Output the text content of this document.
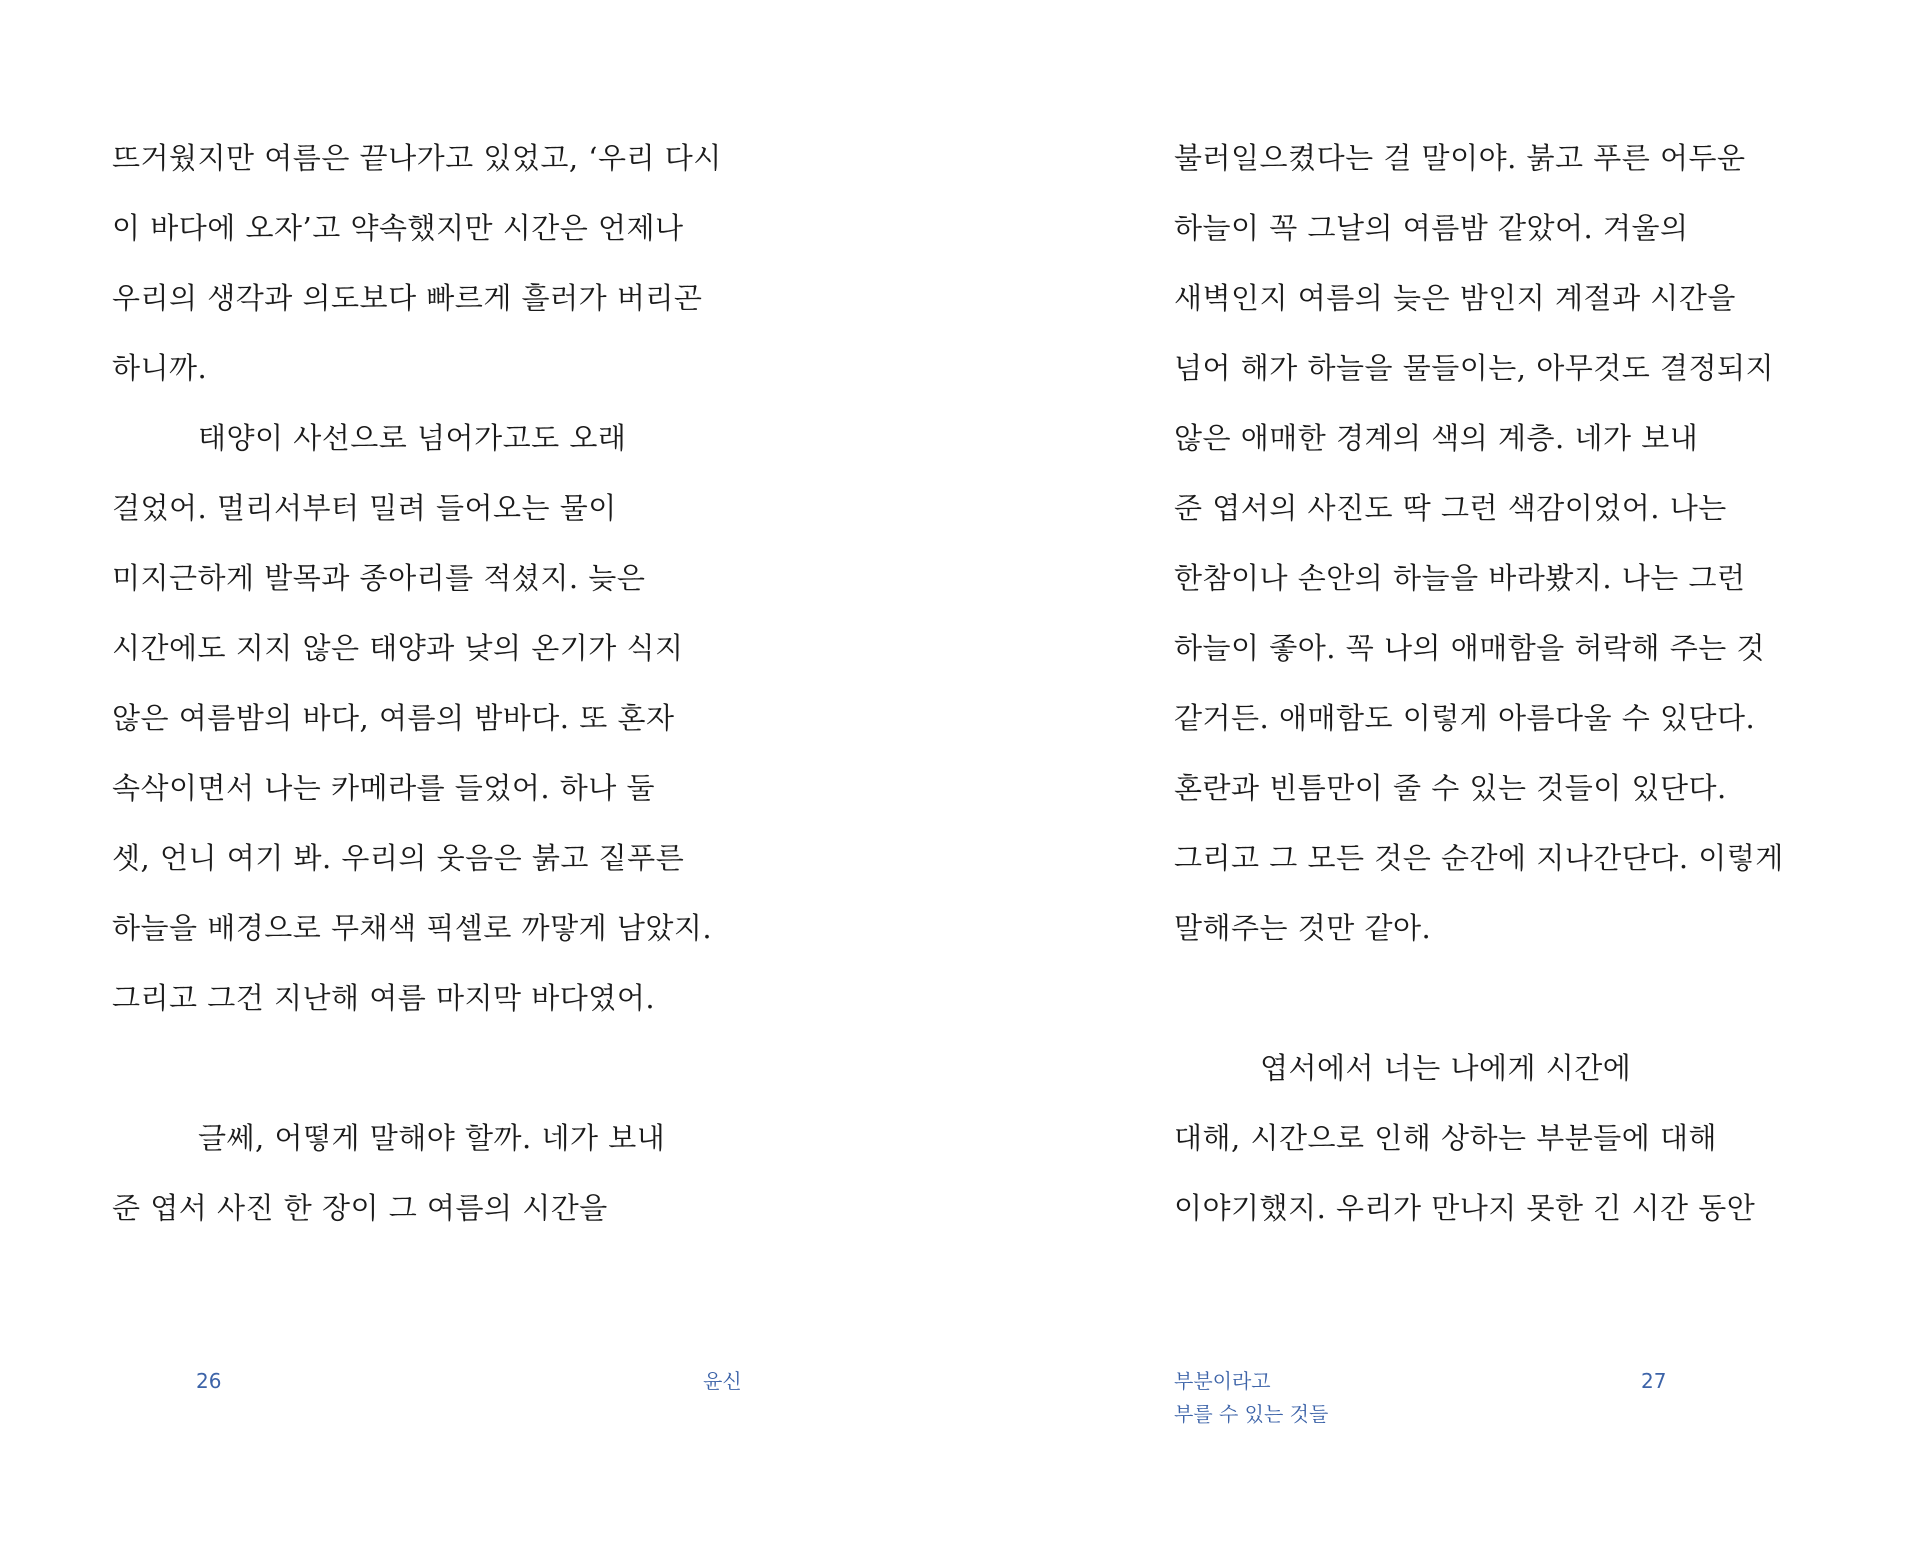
뜨거웠지만 여름은 끝나가고 있었고, ‘우리 다시
이 바다에 오자’고 약속했지만 시간은 언제나
우리의 생각과 의도보다 빠르게 흘러가 버리곤
하니까.
태양이 사선으로 넘어가고도 오래
걸었어. 멀리서부터 밀려 들어오는 물이
미지근하게 발목과 종아리를 적셨지. 늦은
시간에도 지지 않은 태양과 낮의 온기가 식지
않은 여름밤의 바다, 여름의 밤바다. 또 혼자
속삭이면서 나는 카메라를 들었어. 하나 둘
셋, 언니 여기 봐. 우리의 웃음은 붉고 짙푸른
하늘을 배경으로 무채색 픽셀로 까맣게 남았지.
그리고 그건 지난해 여름 마지막 바다였어.
글쎄, 어떻게 말해야 할까. 네가 보내
준 엽서 사진 한 장이 그 여름의 시간을
26	윤신
불러일으켰다는 걸 말이야. 붉고 푸른 어두운
하늘이 꼭 그날의 여름밤 같았어. 겨울의
새벽인지 여름의 늦은 밤인지 계절과 시간을
넘어 해가 하늘을 물들이는, 아무것도 결정되지
않은 애매한 경계의 색의 계층. 네가 보내
준 엽서의 사진도 딱 그런 색감이었어. 나는
한참이나 손안의 하늘을 바라봤지. 나는 그런
하늘이 좋아. 꼭 나의 애매함을 허락해 주는 것
같거든. 애매함도 이렇게 아름다울 수 있단다.
혼란과 빈틈만이 줄 수 있는 것들이 있단다.
그리고 그 모든 것은 순간에 지나간단다. 이렇게
말해주는 것만 같아.
엽서에서 너는 나에게 시간에
대해, 시간으로 인해 상하는 부분들에 대해
이야기했지. 우리가 만나지 못한 긴 시간 동안
부분이라고
부를 수 있는 것들
27
